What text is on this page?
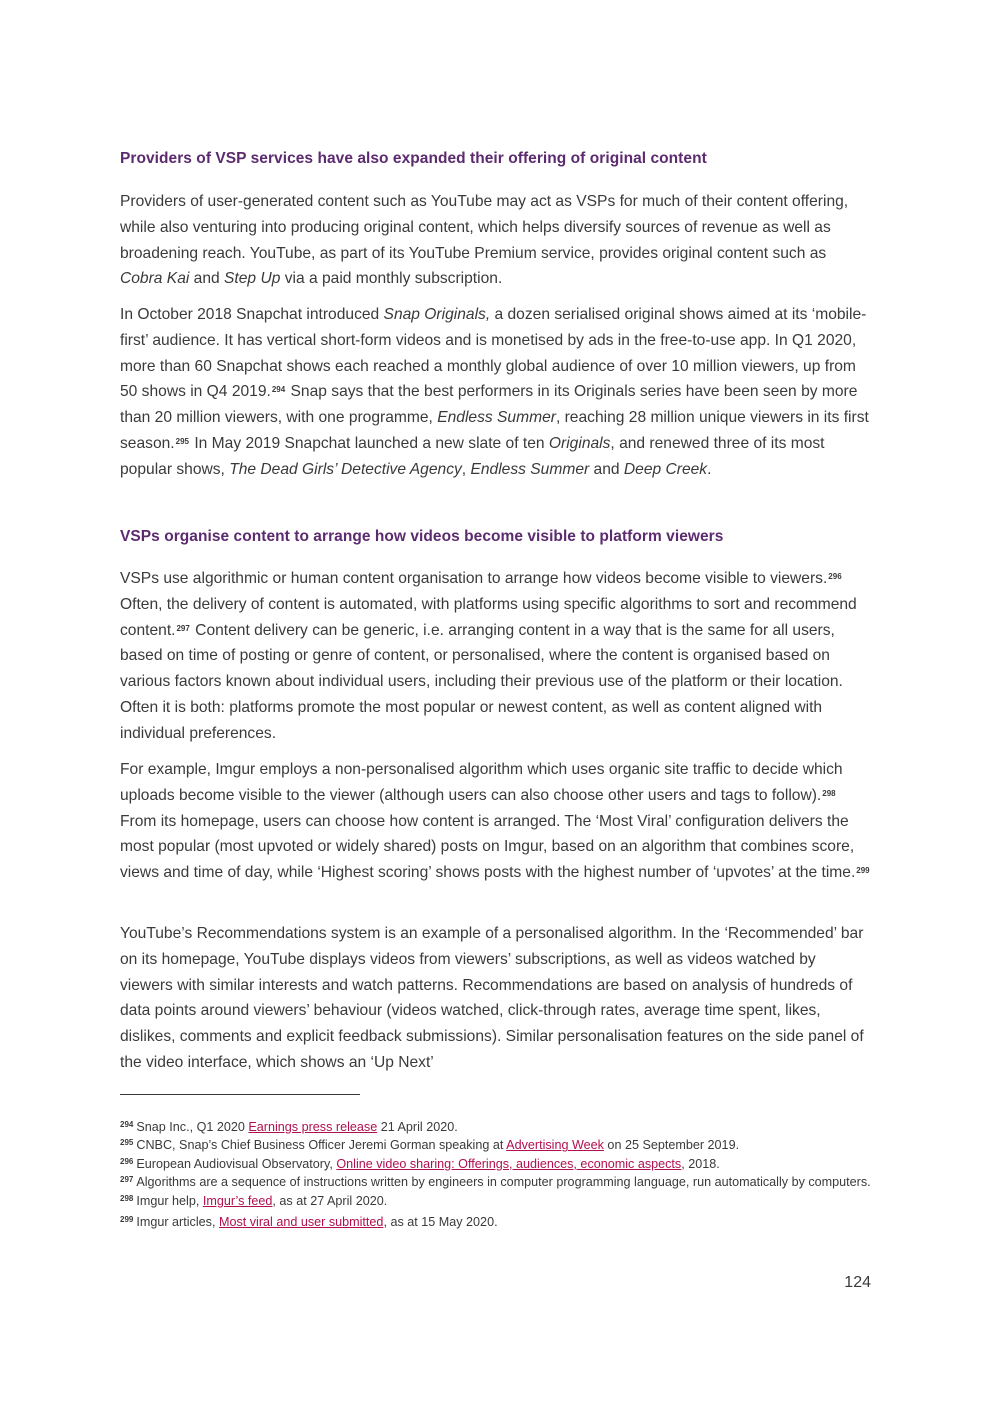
Providers of VSP services have also expanded their offering of original content

Providers of user-generated content such as YouTube may act as VSPs for much of their content offering, while also venturing into producing original content, which helps diversify sources of revenue as well as broadening reach. YouTube, as part of its YouTube Premium service, provides original content such as Cobra Kai and Step Up via a paid monthly subscription.

In October 2018 Snapchat introduced Snap Originals, a dozen serialised original shows aimed at its ‘mobile-first’ audience. It has vertical short-form videos and is monetised by ads in the free-to-use app. In Q1 2020, more than 60 Snapchat shows each reached a monthly global audience of over 10 million viewers, up from 50 shows in Q4 2019.$^{294}$ Snap says that the best performers in its Originals series have been seen by more than 20 million viewers, with one programme, Endless Summer, reaching 28 million unique viewers in its first season.$^{295}$ In May 2019 Snapchat launched a new slate of ten Originals, and renewed three of its most popular shows, The Dead Girls’ Detective Agency, Endless Summer and Deep Creek.

VSPs organise content to arrange how videos become visible to platform viewers

VSPs use algorithmic or human content organisation to arrange how videos become visible to viewers.$^{296}$ Often, the delivery of content is automated, with platforms using specific algorithms to sort and recommend content.$^{297}$ Content delivery can be generic, i.e. arranging content in a way that is the same for all users, based on time of posting or genre of content, or personalised, where the content is organised based on various factors known about individual users, including their previous use of the platform or their location. Often it is both: platforms promote the most popular or newest content, as well as content aligned with individual preferences.

For example, Imgur employs a non-personalised algorithm which uses organic site traffic to decide which uploads become visible to the viewer (although users can also choose other users and tags to follow).$^{298}$ From its homepage, users can choose how content is arranged. The ‘Most Viral’ configuration delivers the most popular (most upvoted or widely shared) posts on Imgur, based on an algorithm that combines score, views and time of day, while ‘Highest scoring’ shows posts with the highest number of ‘upvotes’ at the time.$^{299}$

YouTube’s Recommendations system is an example of a personalised algorithm. In the ‘Recommended’ bar on its homepage, YouTube displays videos from viewers’ subscriptions, as well as videos watched by viewers with similar interests and watch patterns. Recommendations are based on analysis of hundreds of data points around viewers’ behaviour (videos watched, click-through rates, average time spent, likes, dislikes, comments and explicit feedback submissions). Similar personalisation features on the side panel of the video interface, which shows an ‘Up Next’

$^{294}$ Snap Inc., Q1 2020 Earnings press release 21 April 2020.
$^{295}$ CNBC, Snap’s Chief Business Officer Jeremi Gorman speaking at Advertising Week on 25 September 2019.
$^{296}$ European Audiovisual Observatory, Online video sharing: Offerings, audiences, economic aspects, 2018.
$^{297}$ Algorithms are a sequence of instructions written by engineers in computer programming language, run automatically by computers.
$^{298}$ Imgur help, Imgur’s feed, as at 27 April 2020.
$^{299}$ Imgur articles, Most viral and user submitted, as at 15 May 2020.
124
